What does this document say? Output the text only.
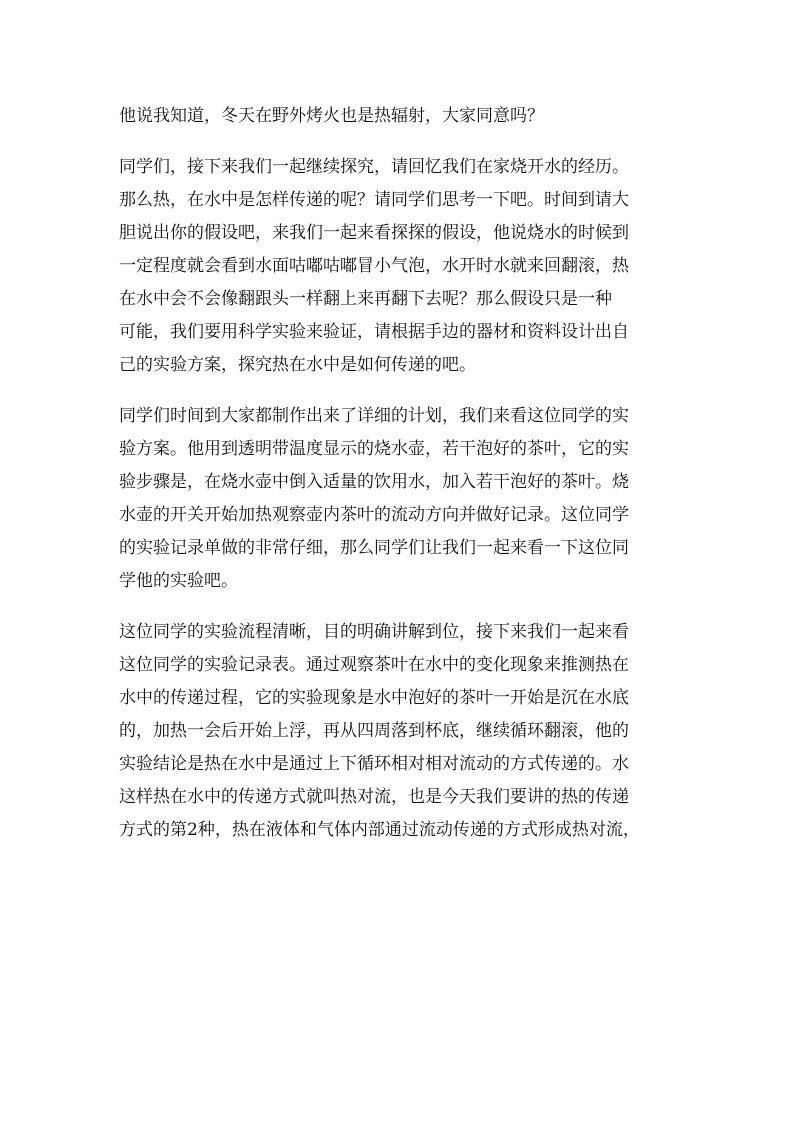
他说我知道，冬天在野外烤火也是热辐射，大家同意吗？
同学们，接下来我们一起继续探究，请回忆我们在家烧开水的经历。
那么热，在水中是怎样传递的呢？请同学们思考一下吧。时间到请大
胆说出你的假设吧，来我们一起来看探探的假设，他说烧水的时候到
一定程度就会看到水面咕嘟咕嘟冒小气泡，水开时水就来回翻滚，热
在水中会不会像翻跟头一样翻上来再翻下去呢？那么假设只是一种
可能，我们要用科学实验来验证，请根据手边的器材和资料设计出自
己的实验方案，探究热在水中是如何传递的吧。
同学们时间到大家都制作出来了详细的计划，我们来看这位同学的实
验方案。他用到透明带温度显示的烧水壶，若干泡好的茶叶，它的实
验步骤是，在烧水壶中倒入适量的饮用水，加入若干泡好的茶叶。烧
水壶的开关开始加热观察壶内茶叶的流动方向并做好记录。这位同学
的实验记录单做的非常仔细，那么同学们让我们一起来看一下这位同
学他的实验吧。
这位同学的实验流程清晰，目的明确讲解到位，接下来我们一起来看
这位同学的实验记录表。通过观察茶叶在水中的变化现象来推测热在
水中的传递过程，它的实验现象是水中泡好的茶叶一开始是沉在水底
的，加热一会后开始上浮，再从四周落到杯底，继续循环翻滚，他的
实验结论是热在水中是通过上下循环相对相对流动的方式传递的。水
这样热在水中的传递方式就叫热对流，也是今天我们要讲的热的传递
方式的第2种，热在液体和气体内部通过流动传递的方式形成热对流，
